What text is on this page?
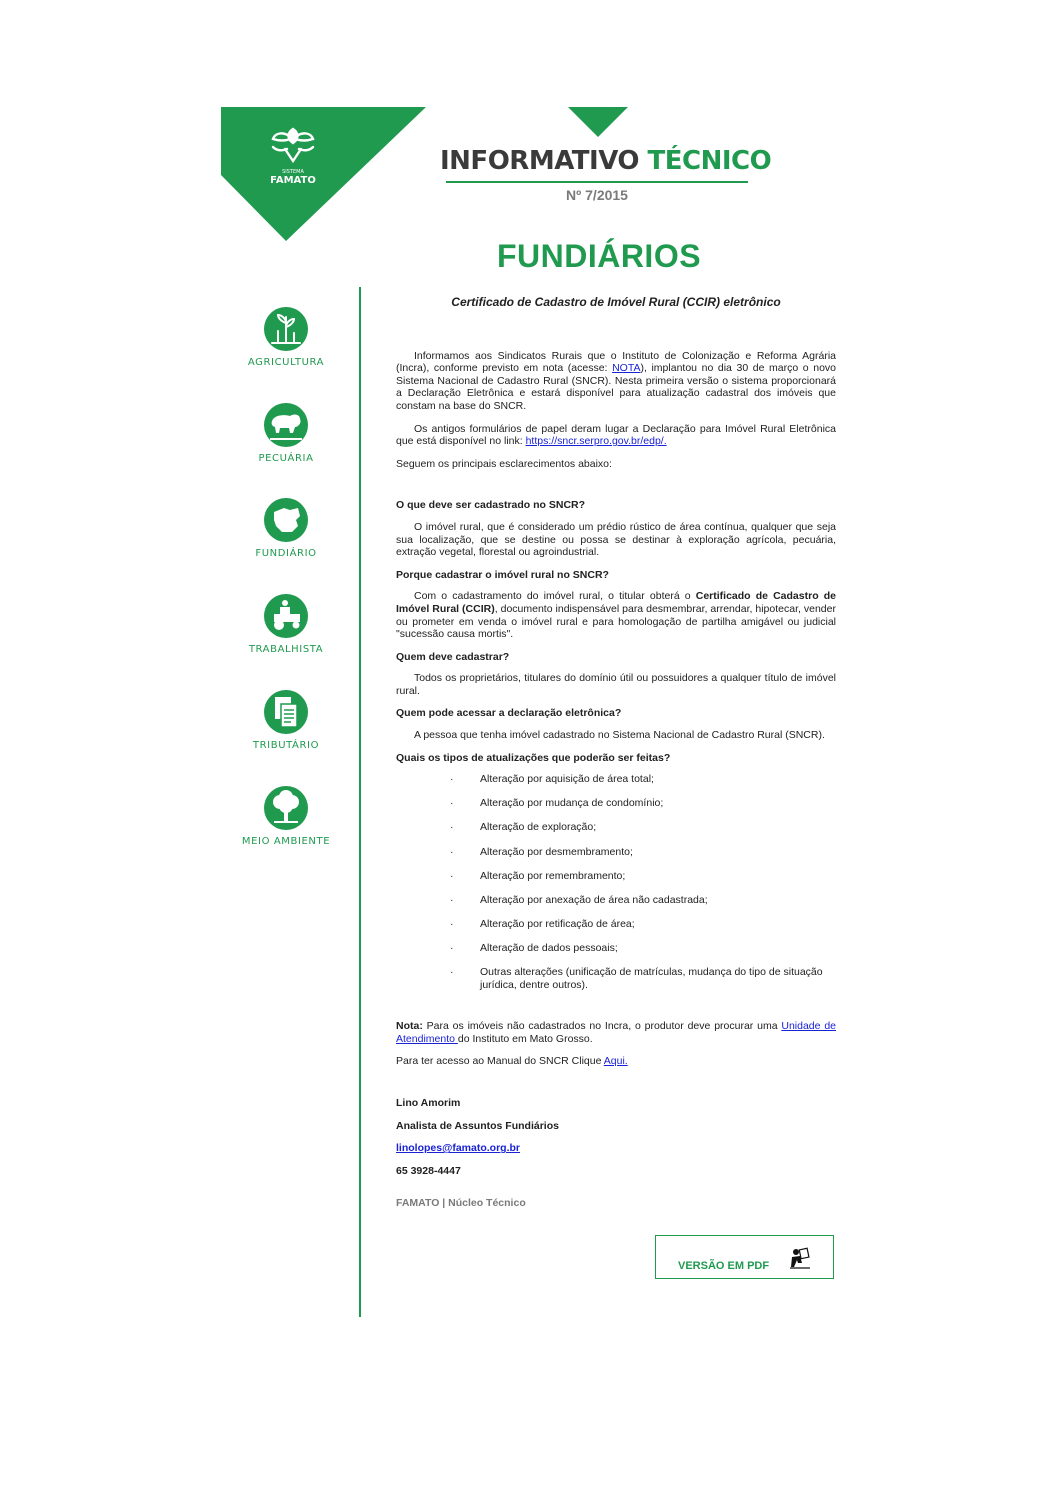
SISTEMA
FAMATO
INFORMATIVO TÉCNICO
Nº 7/2015
FUNDIÁRIOS
AGRICULTURA
PECUÁRIA
FUNDIÁRIO
TRABALHISTA
TRIBUTÁRIO
MEIO AMBIENTE
Certificado de Cadastro de Imóvel Rural (CCIR) eletrônico

Informamos aos Sindicatos Rurais que o Instituto de Colonização e Reforma Agrária (Incra), conforme previsto em nota (acesse: NOTA), implantou no dia 30 de março o novo Sistema Nacional de Cadastro Rural (SNCR). Nesta primeira versão o sistema proporcionará a Declaração Eletrônica e estará disponível para atualização cadastral dos imóveis que constam na base do SNCR.

Os antigos formulários de papel deram lugar a Declaração para Imóvel Rural Eletrônica que está disponível no link: https://sncr.serpro.gov.br/edp/.

Seguem os principais esclarecimentos abaixo:

O que deve ser cadastrado no SNCR?

O imóvel rural, que é considerado um prédio rústico de área contínua, qualquer que seja sua localização, que se destine ou possa se destinar à exploração agrícola, pecuária, extração vegetal, florestal ou agroindustrial.

Porque cadastrar o imóvel rural no SNCR?

Com o cadastramento do imóvel rural, o titular obterá o Certificado de Cadastro de Imóvel Rural (CCIR), documento indispensável para desmembrar, arrendar, hipotecar, vender ou prometer em venda o imóvel rural e para homologação de partilha amigável ou judicial "sucessão causa mortis".

Quem deve cadastrar?

Todos os proprietários, titulares do domínio útil ou possuidores a qualquer título de imóvel rural.

Quem pode acessar a declaração eletrônica?

A pessoa que tenha imóvel cadastrado no Sistema Nacional de Cadastro Rural (SNCR).

Quais os tipos de atualizações que poderão ser feitas?

·	Alteração por aquisição de área total;
·	Alteração por mudança de condomínio;
·	Alteração de exploração;
·	Alteração por desmembramento;
·	Alteração por remembramento;
·	Alteração por anexação de área não cadastrada;
·	Alteração por retificação de área;
·	Alteração de dados pessoais;
·	Outras alterações (unificação de matrículas, mudança do tipo de situação jurídica, dentre outros).

Nota: Para os imóveis não cadastrados no Incra, o produtor deve procurar uma Unidade de Atendimento do Instituto em Mato Grosso.

Para ter acesso ao Manual do SNCR Clique Aqui.

Lino Amorim

Analista de Assuntos Fundiários

linolopes@famato.org.br

65 3928-4447

FAMATO | Núcleo Técnico

VERSÃO EM PDF
